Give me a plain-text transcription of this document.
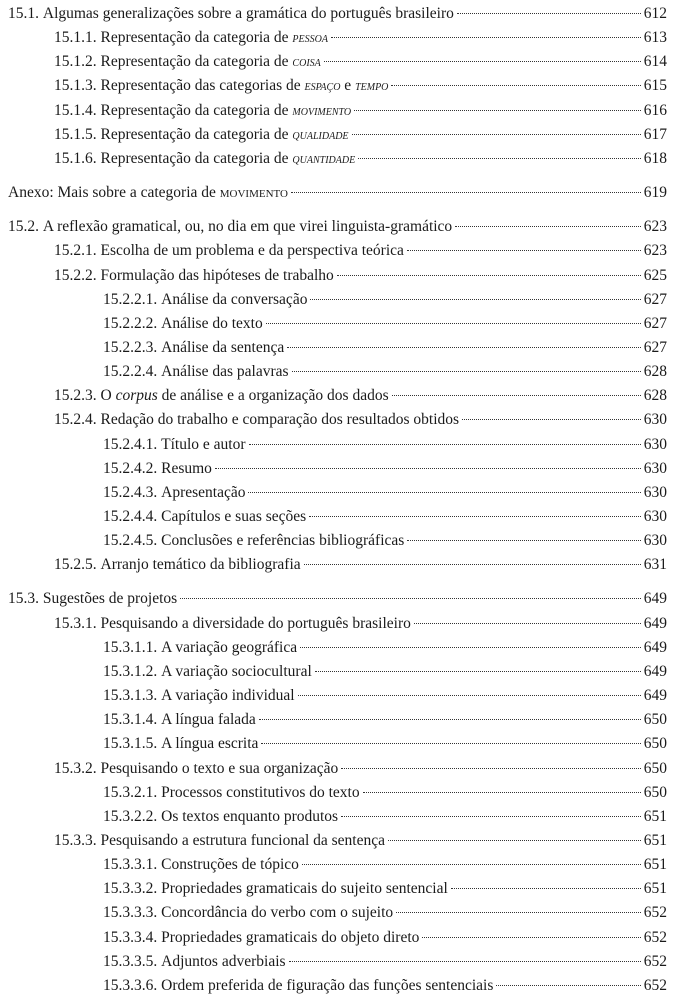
15.1. Algumas generalizações sobre a gramática do português brasileiro	612
15.1.1. Representação da categoria de pessoa	613
15.1.2. Representação da categoria de coisa	614
15.1.3. Representação das categorias de espaço e tempo	615
15.1.4. Representação da categoria de movimento	616
15.1.5. Representação da categoria de qualidade	617
15.1.6. Representação da categoria de quantidade	618
Anexo: Mais sobre a categoria de movimento	619
15.2. A reflexão gramatical, ou, no dia em que virei linguista-gramático	623
15.2.1. Escolha de um problema e da perspectiva teórica	623
15.2.2. Formulação das hipóteses de trabalho	625
15.2.2.1. Análise da conversação	627
15.2.2.2. Análise do texto	627
15.2.2.3. Análise da sentença	627
15.2.2.4. Análise das palavras	628
15.2.3. O corpus de análise e a organização dos dados	628
15.2.4. Redação do trabalho e comparação dos resultados obtidos	630
15.2.4.1. Título e autor	630
15.2.4.2. Resumo	630
15.2.4.3. Apresentação	630
15.2.4.4. Capítulos e suas seções	630
15.2.4.5. Conclusões e referências bibliográficas	630
15.2.5. Arranjo temático da bibliografia	631
15.3. Sugestões de projetos	649
15.3.1. Pesquisando a diversidade do português brasileiro	649
15.3.1.1. A variação geográfica	649
15.3.1.2. A variação sociocultural	649
15.3.1.3. A variação individual	649
15.3.1.4. A língua falada	650
15.3.1.5. A língua escrita	650
15.3.2. Pesquisando o texto e sua organização	650
15.3.2.1. Processos constitutivos do texto	650
15.3.2.2. Os textos enquanto produtos	651
15.3.3. Pesquisando a estrutura funcional da sentença	651
15.3.3.1. Construções de tópico	651
15.3.3.2. Propriedades gramaticais do sujeito sentencial	651
15.3.3.3. Concordância do verbo com o sujeito	652
15.3.3.4. Propriedades gramaticais do objeto direto	652
15.3.3.5. Adjuntos adverbiais	652
15.3.3.6. Ordem preferida de figuração das funções sentenciais	652
